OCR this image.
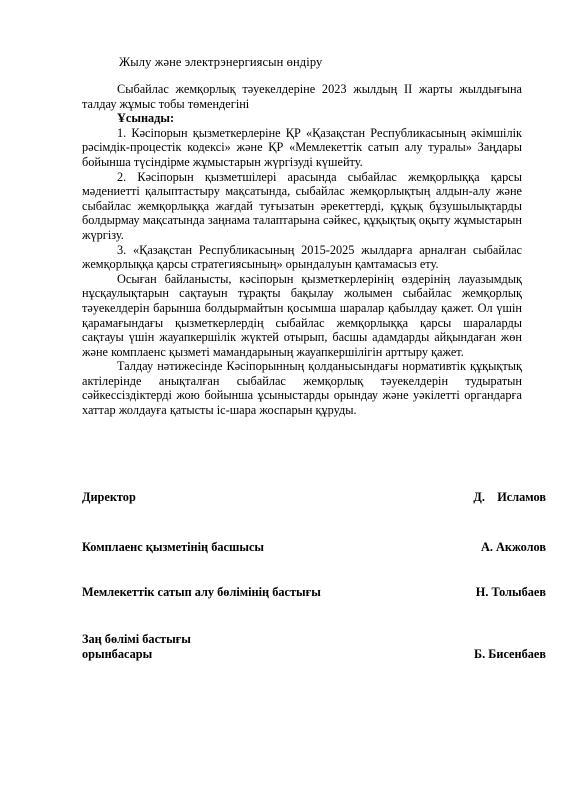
Жылу және электрэнергиясын өндіру

Сыбайлас жемқорлық тәуекелдеріне 2023 жылдың ІІ жарты жылдығына талдау жұмыс тобы төмендегіні

Ұсынады:

1. Кәсіпорын қызметкерлеріне ҚР «Қазақстан Республикасының әкімшілік рәсімдік-процестік кодексі» және ҚР «Мемлекеттік сатып алу туралы» Заңдары бойынша түсіндірме жұмыстарын жүргізуді күшейту.

2. Кәсіпорын қызметшілері арасында сыбайлас жемқорлыққа қарсы мәдениетті қалыптастыру мақсатында, сыбайлас жемқорлықтың алдын-алу және сыбайлас жемқорлыққа жағдай туғызатын әрекеттерді, құқық бұзушылықтарды болдырмау мақсатында заңнама талаптарына сәйкес, құқықтық оқыту жұмыстарын жүргізу.

3. «Қазақстан Республикасының 2015-2025 жылдарға арналған сыбайлас жемқорлыққа қарсы стратегиясының» орындалуын қамтамасыз ету.

Осыған байланысты, кәсіпорын қызметкерлерінің өздерінің лауазымдық нұсқаулықтарын сақтауын тұрақты бақылау жолымен сыбайлас жемқорлық тәуекелдерін барынша болдырмайтын қосымша шаралар қабылдау қажет. Ол үшін қарамағындағы қызметкерлердің сыбайлас жемқорлыққа қарсы шараларды сақтауы үшін жауапкершілік жүктей отырып, басшы адамдарды айқындаған жөн және комплаенс қызметі мамандарының жауапкершілігін арттыру қажет.

Талдау нәтижесінде Кәсіпорынның қолданысындағы нормативтік құқықтық актілерінде анықталған сыбайлас жемқорлық тәуекелдерін тудыратын сәйкессіздіктерді жою бойынша ұсыныстарды орындау және уәкілетті органдарға хаттар жолдауға қатысты іс-шара жоспарын құруды.

Директор	Д.    Исламов
Комплаенс қызметінің басшысы	А. Акжолов
Мемлекеттік сатып алу бөлімінің бастығы	Н. Толыбаев
Заң бөлімі бастығы
орынбасары	Б. Бисенбаев
